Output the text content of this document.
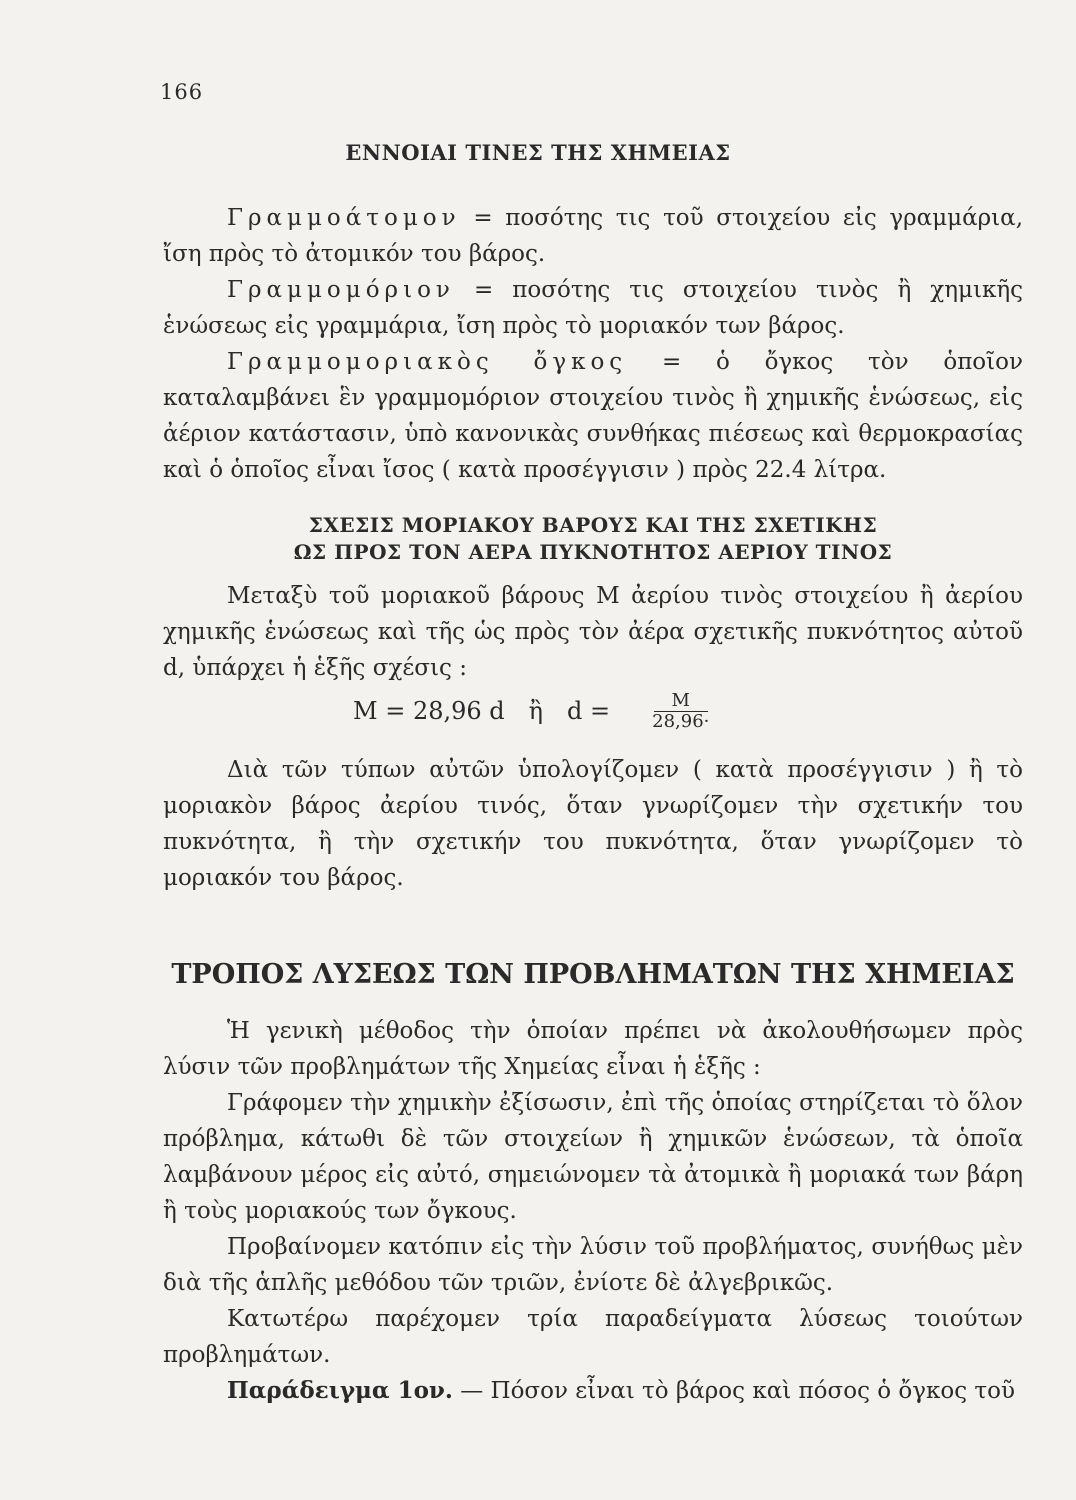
166
ΕΝΝΟΙΑΙ ΤΙΝΕΣ ΤΗΣ ΧΗΜΕΙΑΣ

Γραμμοάτομον = ποσότης τις τοῦ στοιχείου εἰς γραμμάρια, ἴση πρὸς τὸ ἀτομικόν του βάρος.

Γραμμομόριον = ποσότης τις στοιχείου τινὸς ἢ χημικῆς ἑνώσεως εἰς γραμμάρια, ἴση πρὸς τὸ μοριακόν των βάρος.

Γραμμομοριακὸς ὄγκος = ὁ ὄγκος τὸν ὁποῖον καταλαμβάνει ἓν γραμμομόριον στοιχείου τινὸς ἢ χημικῆς ἑνώσεως, εἰς ἀέριον κατάστασιν, ὑπὸ κανονικὰς συνθήκας πιέσεως καὶ θερμοκρασίας καὶ ὁ ὁποῖος εἶναι ἴσος ( κατὰ προσέγγισιν ) πρὸς 22.4 λίτρα.

ΣΧΕΣΙΣ ΜΟΡΙΑΚΟΥ ΒΑΡΟΥΣ ΚΑΙ ΤΗΣ ΣΧΕΤΙΚΗΣ

ΩΣ ΠΡΟΣ ΤΟΝ ΑΕΡΑ ΠΥΚΝΟΤΗΤΟΣ ΑΕΡΙΟΥ ΤΙΝΟΣ

Μεταξὺ τοῦ μοριακοῦ βάρους Μ ἀερίου τινὸς στοιχείου ἢ ἀερίου χημικῆς ἑνώσεως καὶ τῆς ὡς πρὸς τὸν ἀέρα σχετικῆς πυκνότητος αὐτοῦ d, ὑπάρχει ἡ ἑξῆς σχέσις :

M = 28,96 d ἢ $d = \frac{M}{28,96\cdot}$

Διὰ τῶν τύπων αὐτῶν ὑπολογίζομεν ( κατὰ προσέγγισιν ) ἢ τὸ μοριακὸν βάρος ἀερίου τινός, ὅταν γνωρίζομεν τὴν σχετικήν του πυκνότητα, ἢ τὴν σχετικήν του πυκνότητα, ὅταν γνωρίζομεν τὸ μοριακόν του βάρος.

ΤΡΟΠΟΣ ΛΥΣΕΩΣ ΤΩΝ ΠΡΟΒΛΗΜΑΤΩΝ ΤΗΣ ΧΗΜΕΙΑΣ

Ἡ γενικὴ μέθοδος τὴν ὁποίαν πρέπει νὰ ἀκολουθήσωμεν πρὸς λύσιν τῶν προβλημάτων τῆς Χημείας εἶναι ἡ ἑξῆς :

Γράφομεν τὴν χημικὴν ἐξίσωσιν, ἐπὶ τῆς ὁποίας στηρίζεται τὸ ὅλον πρόβλημα, κάτωθι δὲ τῶν στοιχείων ἢ χημικῶν ἑνώσεων, τὰ ὁποῖα λαμβάνουν μέρος εἰς αὐτό, σημειώνομεν τὰ ἀτομικὰ ἢ μοριακά των βάρη ἢ τοὺς μοριακούς των ὄγκους.

Προβαίνομεν κατόπιν εἰς τὴν λύσιν τοῦ προβλήματος, συνήθως μὲν διὰ τῆς ἁπλῆς μεθόδου τῶν τριῶν, ἐνίοτε δὲ ἀλγεβρικῶς.

Κατωτέρω παρέχομεν τρία παραδείγματα λύσεως τοιούτων προβλημάτων.

Παράδειγμα 1ον. — Πόσον εἶναι τὸ βάρος καὶ πόσος ὁ ὄγκος τοῦ
